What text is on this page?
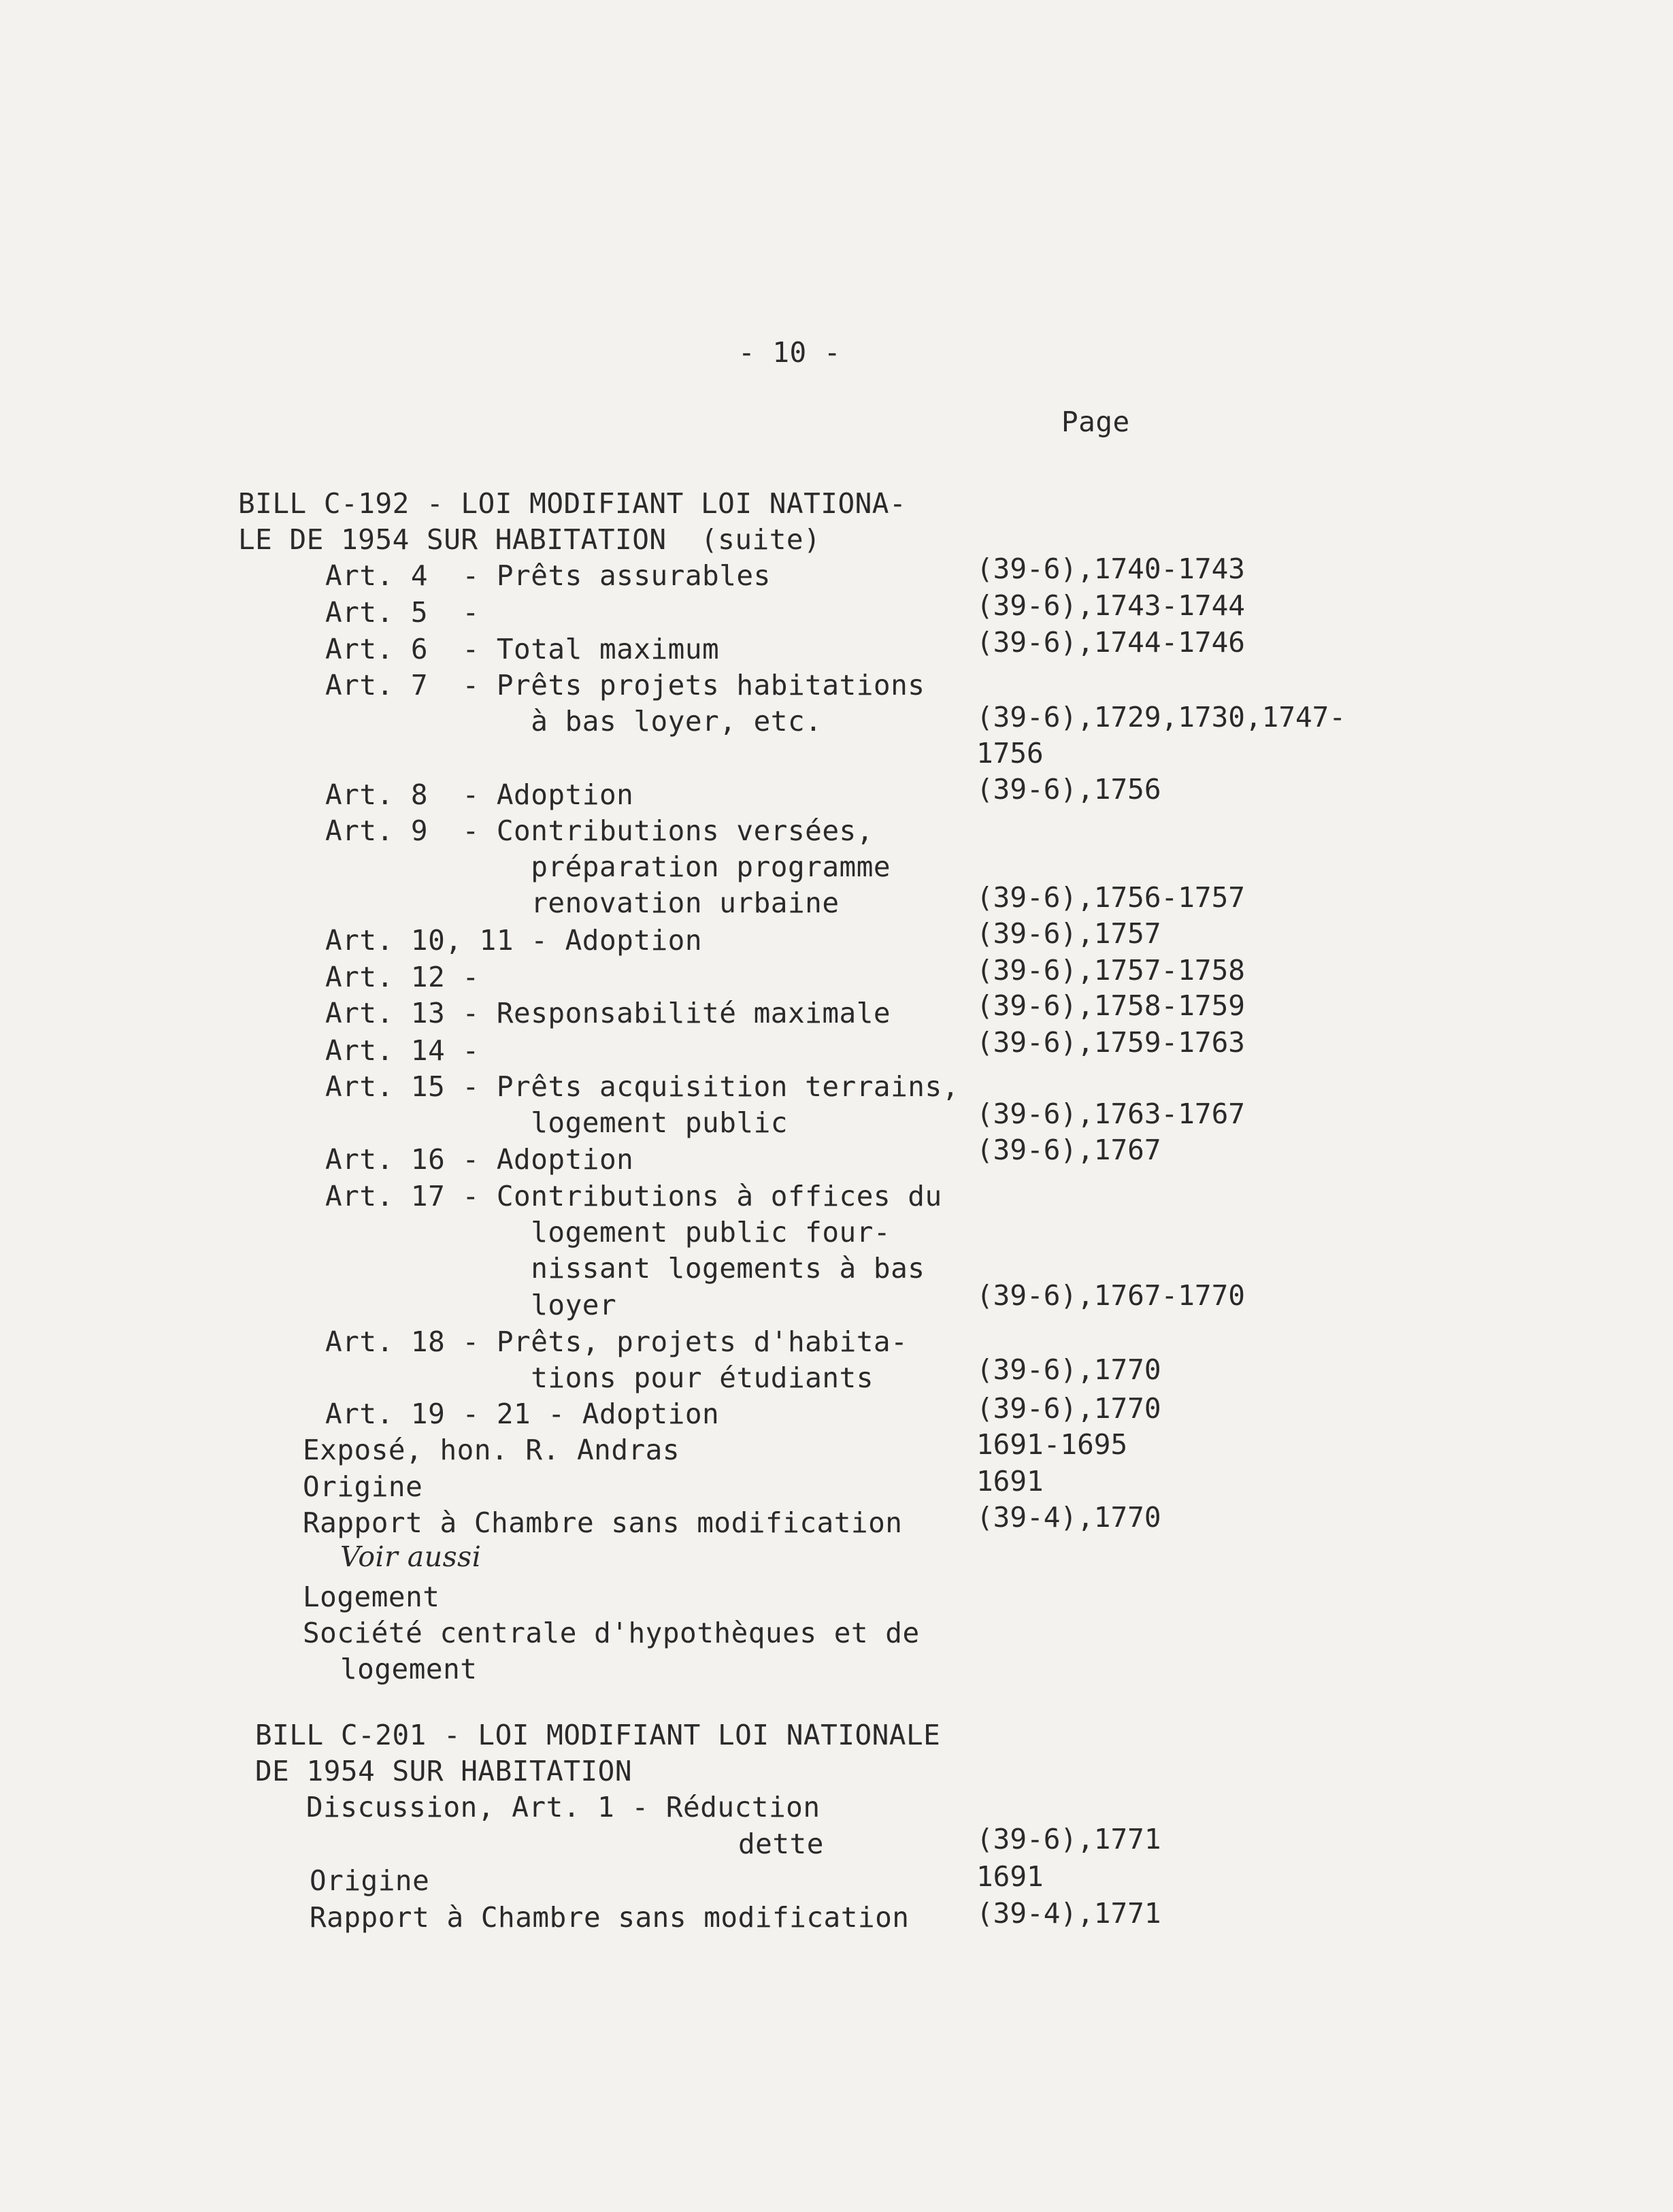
- 10 -
Page
BILL C-192 - LOI MODIFIANT LOI NATIONA-
LE DE 1954 SUR HABITATION  (suite)
Art. 4  - Prêts assurables	(39-6),1740-1743
Art. 5  -	(39-6),1743-1744
Art. 6  - Total maximum	(39-6),1744-1746
Art. 7  - Prêts projets habitations
à bas loyer, etc.	(39-6),1729,1730,1747-
1756
Art. 8  - Adoption	(39-6),1756
Art. 9  - Contributions versées,
préparation programme
renovation urbaine	(39-6),1756-1757
Art. 10, 11 - Adoption	(39-6),1757
Art. 12 -	(39-6),1757-1758
Art. 13 - Responsabilité maximale	(39-6),1758-1759
Art. 14 -	(39-6),1759-1763
Art. 15 - Prêts acquisition terrains,
logement public	(39-6),1763-1767
Art. 16 - Adoption	(39-6),1767
Art. 17 - Contributions à offices du
logement public four-
nissant logements à bas
loyer	(39-6),1767-1770
Art. 18 - Prêts, projets d'habita-
tions pour étudiants	(39-6),1770
Art. 19 - 21 - Adoption	(39-6),1770
Exposé, hon. R. Andras	1691-1695
Origine	1691
Rapport à Chambre sans modification	(39-4),1770
Voir aussi
Logement
Société centrale d'hypothèques et de
logement
BILL C-201 - LOI MODIFIANT LOI NATIONALE
DE 1954 SUR HABITATION
Discussion, Art. 1 - Réduction
dette	(39-6),1771
Origine	1691
Rapport à Chambre sans modification (39-4),1771
